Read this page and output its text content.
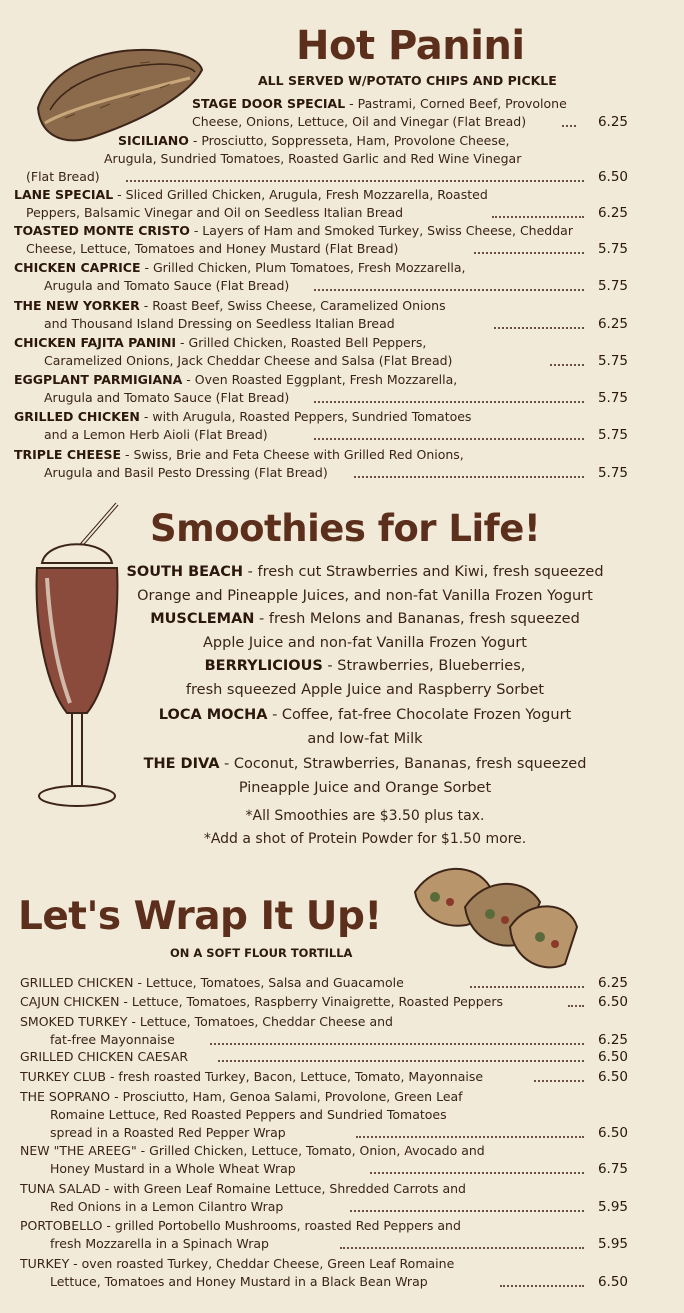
Hot Panini
ALL SERVED W/POTATO CHIPS AND PICKLE
STAGE DOOR SPECIAL - Pastrami, Corned Beef, Provolone
Cheese, Onions, Lettuce, Oil and Vinegar (Flat Bread)	6.25
SICILIANO - Prosciutto, Soppresseta, Ham, Provolone Cheese,
Arugula, Sundried Tomatoes, Roasted Garlic and Red Wine Vinegar
(Flat Bread)	6.50
LANE SPECIAL - Sliced Grilled Chicken, Arugula, Fresh Mozzarella, Roasted
Peppers, Balsamic Vinegar and Oil on Seedless Italian Bread	6.25
TOASTED MONTE CRISTO - Layers of Ham and Smoked Turkey, Swiss Cheese, Cheddar
Cheese, Lettuce, Tomatoes and Honey Mustard (Flat Bread)	5.75
CHICKEN CAPRICE - Grilled Chicken, Plum Tomatoes, Fresh Mozzarella,
Arugula and Tomato Sauce (Flat Bread)	5.75
THE NEW YORKER - Roast Beef, Swiss Cheese, Caramelized Onions
and Thousand Island Dressing on Seedless Italian Bread	6.25
CHICKEN FAJITA PANINI - Grilled Chicken, Roasted Bell Peppers,
Caramelized Onions, Jack Cheddar Cheese and Salsa (Flat Bread)	5.75
EGGPLANT PARMIGIANA - Oven Roasted Eggplant, Fresh Mozzarella,
Arugula and Tomato Sauce (Flat Bread)	5.75
GRILLED CHICKEN - with Arugula, Roasted Peppers, Sundried Tomatoes
and a Lemon Herb Aioli (Flat Bread)	5.75
TRIPLE CHEESE - Swiss, Brie and Feta Cheese with Grilled Red Onions,
Arugula and Basil Pesto Dressing (Flat Bread)	5.75
Smoothies for Life!
SOUTH BEACH - fresh cut Strawberries and Kiwi, fresh squeezed
Orange and Pineapple Juices, and non-fat Vanilla Frozen Yogurt
MUSCLEMAN - fresh Melons and Bananas, fresh squeezed
Apple Juice and non-fat Vanilla Frozen Yogurt
BERRYLICIOUS - Strawberries, Blueberries,
fresh squeezed Apple Juice and Raspberry Sorbet
LOCA MOCHA - Coffee, fat-free Chocolate Frozen Yogurt
and low-fat Milk
THE DIVA - Coconut, Strawberries, Bananas, fresh squeezed
Pineapple Juice and Orange Sorbet
*All Smoothies are $3.50 plus tax.
*Add a shot of Protein Powder for $1.50 more.
Let's Wrap It Up!
ON A SOFT FLOUR TORTILLA
GRILLED CHICKEN - Lettuce, Tomatoes, Salsa and Guacamole	6.25
CAJUN CHICKEN - Lettuce, Tomatoes, Raspberry Vinaigrette, Roasted Peppers	6.50
SMOKED TURKEY - Lettuce, Tomatoes, Cheddar Cheese and
fat-free Mayonnaise	6.25
GRILLED CHICKEN CAESAR	6.50
TURKEY CLUB - fresh roasted Turkey, Bacon, Lettuce, Tomato, Mayonnaise	6.50
THE SOPRANO - Prosciutto, Ham, Genoa Salami, Provolone, Green Leaf
Romaine Lettuce, Red Roasted Peppers and Sundried Tomatoes
spread in a Roasted Red Pepper Wrap	6.50
NEW "THE AREEG" - Grilled Chicken, Lettuce, Tomato, Onion, Avocado and
Honey Mustard in a Whole Wheat Wrap	6.75
TUNA SALAD - with Green Leaf Romaine Lettuce, Shredded Carrots and
Red Onions in a Lemon Cilantro Wrap	5.95
PORTOBELLO - grilled Portobello Mushrooms, roasted Red Peppers and
fresh Mozzarella in a Spinach Wrap	5.95
TURKEY - oven roasted Turkey, Cheddar Cheese, Green Leaf Romaine
Lettuce, Tomatoes and Honey Mustard in a Black Bean Wrap	6.50
